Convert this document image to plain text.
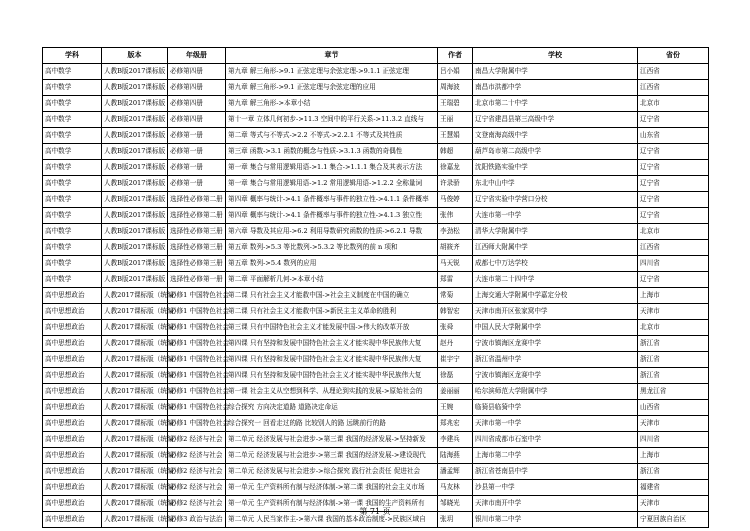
学科	版本	年级册	章节	作者	学校	省份
高中数学	人教B版2017课标版	必修第四册	第九章 解三角形->9.1 正弦定理与余弦定理->9.1.1 正弦定理	吕小娟	南昌大学附属中学	江西省
高中数学	人教B版2017课标版	必修第四册	第九章 解三角形->9.1 正弦定理与余弦定理的应用	周海波	南昌市洪都中学	江西省
高中数学	人教B版2017课标版	必修第四册	第九章 解三角形->本章小结	王瑞碧	北京市第二十中学	北京市
高中数学	人教B版2017课标版	必修第四册	第十一章 立体几何初步->11.3 空间中的平行关系->11.3.2 直线与	王丽	辽宁省建昌县第三高级中学	辽宁省
高中数学	人教B版2017课标版	必修第一册	第二章 等式与不等式->2.2 不等式->2.2.1 不等式及其性质	王慧娟	文登南海高级中学	山东省
高中数学	人教B版2017课标版	必修第一册	第三章 函数->3.1 函数的概念与性质->3.1.3 函数的奇偶性	韩超	葫芦岛市第二高级中学	辽宁省
高中数学	人教B版2017课标版	必修第一册	第一章 集合与常用逻辑用语->1.1 集合->1.1.1 集合及其表示方法	徐嘉龙	沈阳铁路实验中学	辽宁省
高中数学	人教B版2017课标版	必修第一册	第一章 集合与常用逻辑用语->1.2 常用逻辑用语->1.2.2 全称量词	许录骄	东北中山中学	辽宁省
高中数学	人教B版2017课标版	选择性必修第二册	第四章 概率与统计->4.1 条件概率与事件的独立性->4.1.1 条件概率	马俊婷	辽宁省实验中学营口分校	辽宁省
高中数学	人教B版2017课标版	选择性必修第二册	第四章 概率与统计->4.1 条件概率与事件的独立性->4.1.3 独立性	张伟	大连市第一中学	辽宁省
高中数学	人教B版2017课标版	选择性必修第三册	第六章 导数及其应用->6.2 利用导数研究函数的性质->6.2.1 导数	李劲松	清华大学附属中学	北京市
高中数学	人教B版2017课标版	选择性必修第三册	第五章 数列->5.3 等比数列->5.3.2 等比数列的前 n 项和	胡筱齐	江西师大附属中学	江西省
高中数学	人教B版2017课标版	选择性必修第三册	第五章 数列->5.4 数列的应用	马天锐	成都七中万达学校	四川省
高中数学	人教B版2017课标版	选择性必修第一册	第二章 平面解析几何->本章小结	郑雷	大连市第二十四中学	辽宁省
高中思想政治	人教2017课标版（统编）	必修1 中国特色社会	第二课 只有社会主义才能救中国->社会主义制度在中国的确立	常菊	上海交通大学附属中学嘉定分校	上海市
高中思想政治	人教2017课标版（统编）	必修1 中国特色社会	第二课 只有社会主义才能救中国->新民主主义革命的胜利	韩智宏	天津市南开区张家窝中学	天津市
高中思想政治	人教2017课标版（统编）	必修1 中国特色社会	第三课 只有中国特色社会主义才能发展中国->伟大的改革开放	张舜	中国人民大学附属中学	北京市
高中思想政治	人教2017课标版（统编）	必修1 中国特色社会	第四课 只有坚持和发展中国特色社会主义才能实现中华民族伟大复	赵丹	宁波市镇海区龙赛中学	浙江省
高中思想政治	人教2017课标版（统编）	必修1 中国特色社会	第四课 只有坚持和发展中国特色社会主义才能实现中华民族伟大复	崔宇宁	浙江省温州中学	浙江省
高中思想政治	人教2017课标版（统编）	必修1 中国特色社会	第四课 只有坚持和发展中国特色社会主义才能实现中华民族伟大复	徐磊	宁波市镇海区龙赛中学	浙江省
高中思想政治	人教2017课标版（统编）	必修1 中国特色社会	第一课 社会主义从空想到科学、从理论到实践的发展->原始社会的	姜丽丽	哈尔滨师范大学附属中学	黑龙江省
高中思想政治	人教2017课标版（统编）	必修1 中国特色社会	综合探究 方向决定道路 道路决定命运	王婉	临猗县临猗中学	山西省
高中思想政治	人教2017课标版（统编）	必修1 中国特色社会	综合探究一 回看走过的路 比较别人的路 远眺前行的路	郑兆宏	天津市第一中学	天津市
高中思想政治	人教2017课标版（统编）	必修2 经济与社会	第二单元 经济发展与社会进步->第三课 我国的经济发展->坚持新发	李建兵	四川省成都市石室中学	四川省
高中思想政治	人教2017课标版（统编）	必修2 经济与社会	第二单元 经济发展与社会进步->第三课 我国的经济发展->建设现代	陆海燕	上海市第二中学	上海市
高中思想政治	人教2017课标版（统编）	必修2 经济与社会	第二单元 经济发展与社会进步->综合探究 践行社会责任 促进社会	潘孟辉	浙江省苍南县中学	浙江省
高中思想政治	人教2017课标版（统编）	必修2 经济与社会	第一单元 生产资料所有制与经济体制->第二课 我国的社会主义市场	马友林	沙县第一中学	福建省
高中思想政治	人教2017课标版（统编）	必修2 经济与社会	第一单元 生产资料所有制与经济体制->第一课 我国的生产资料所有	邹晓光	天津市南开中学	天津市
高中思想政治	人教2017课标版（统编）	必修3 政治与法治	第二单元 人民当家作主->第六课 我国的基本政治制度->民族区域自	张玥	银川市第二中学	宁夏回族自治区
第 71 页
